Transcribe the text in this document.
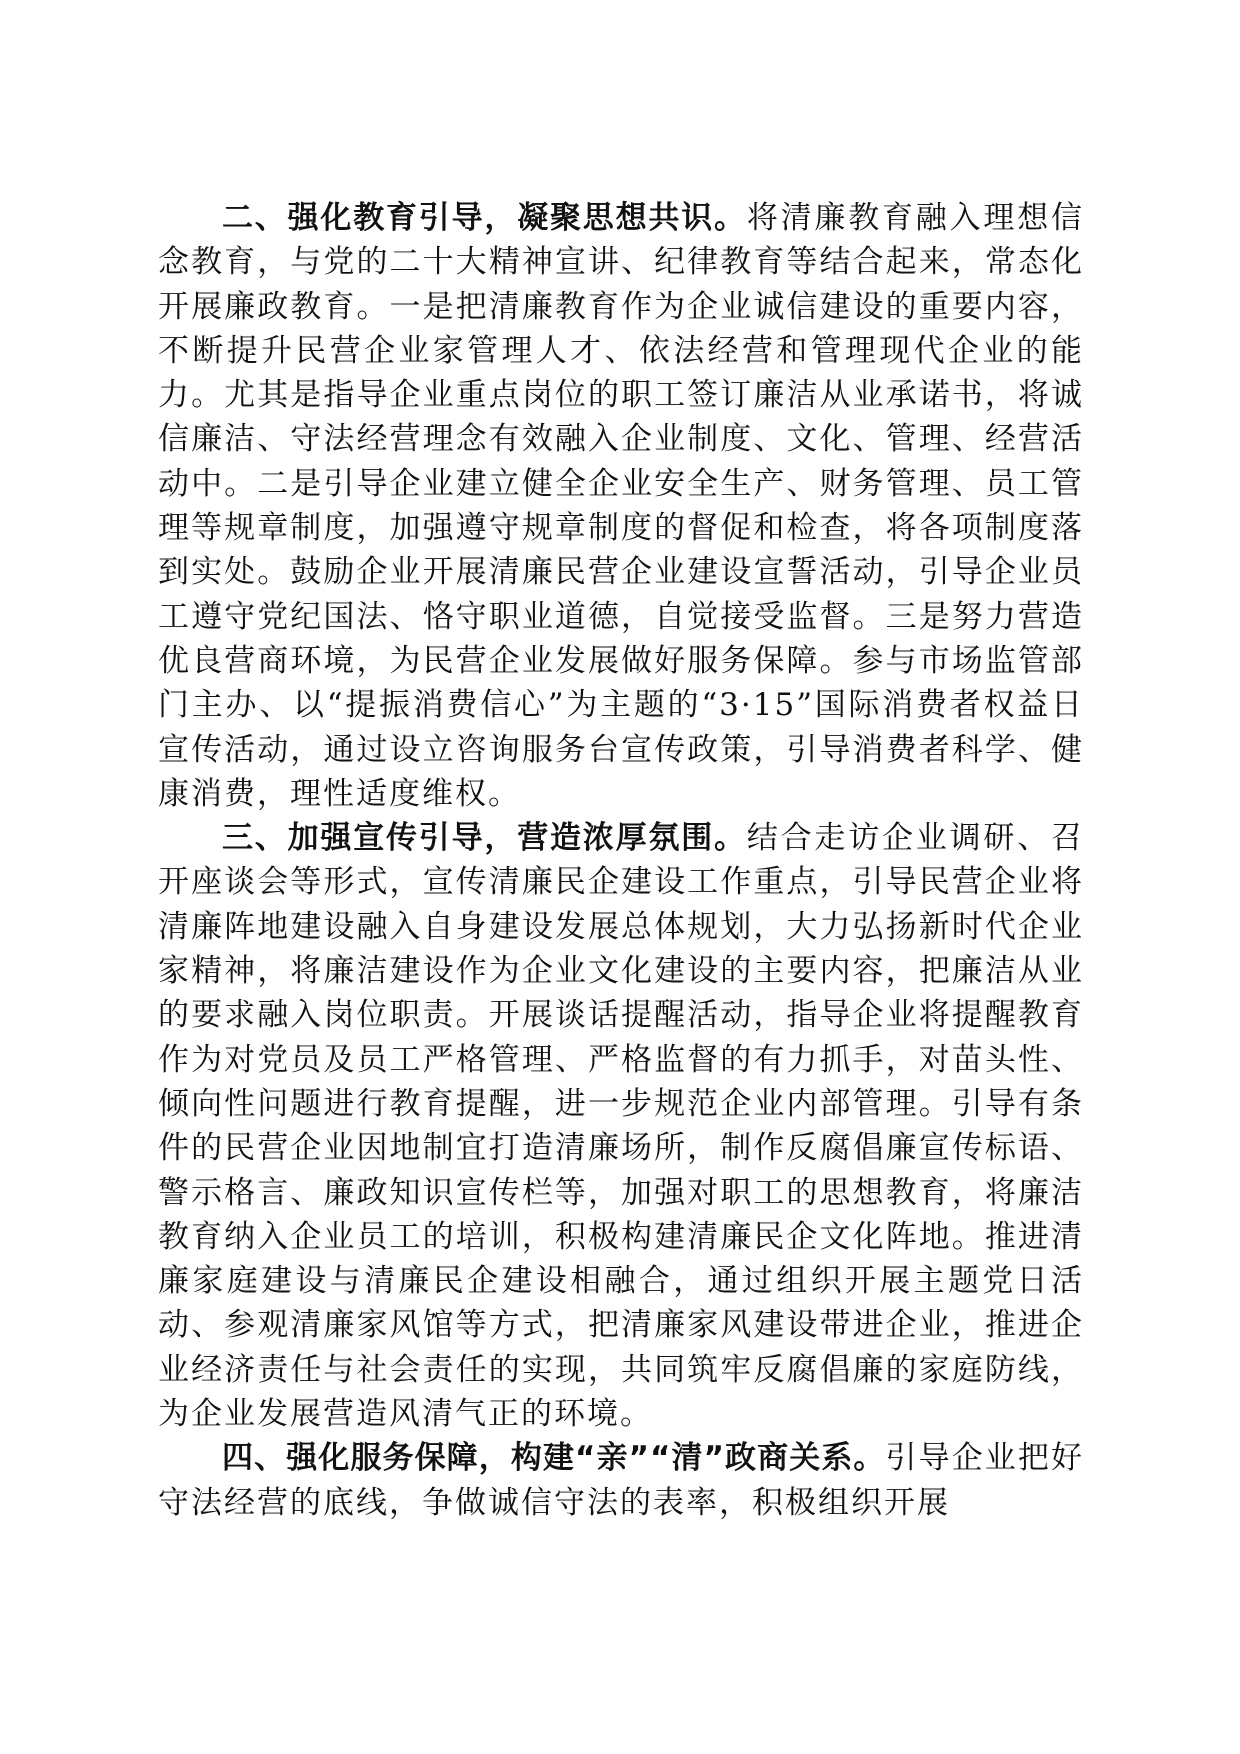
二、强化教育引导，凝聚思想共识。将清廉教育融入理想信念教育，与党的二十大精神宣讲、纪律教育等结合起来，常态化开展廉政教育。一是把清廉教育作为企业诚信建设的重要内容，不断提升民营企业家管理人才、依法经营和管理现代企业的能力。尤其是指导企业重点岗位的职工签订廉洁从业承诺书，将诚信廉洁、守法经营理念有效融入企业制度、文化、管理、经营活动中。二是引导企业建立健全企业安全生产、财务管理、员工管理等规章制度，加强遵守规章制度的督促和检查，将各项制度落到实处。鼓励企业开展清廉民营企业建设宣誓活动，引导企业员工遵守党纪国法、恪守职业道德，自觉接受监督。三是努力营造优良营商环境，为民营企业发展做好服务保障。参与市场监管部门主办、以“提振消费信心”为主题的“3·15”国际消费者权益日宣传活动，通过设立咨询服务台宣传政策，引导消费者科学、健康消费，理性适度维权。

三、加强宣传引导，营造浓厚氛围。结合走访企业调研、召开座谈会等形式，宣传清廉民企建设工作重点，引导民营企业将清廉阵地建设融入自身建设发展总体规划，大力弘扬新时代企业家精神，将廉洁建设作为企业文化建设的主要内容，把廉洁从业的要求融入岗位职责。开展谈话提醒活动，指导企业将提醒教育作为对党员及员工严格管理、严格监督的有力抓手，对苗头性、倾向性问题进行教育提醒，进一步规范企业内部管理。引导有条件的民营企业因地制宜打造清廉场所，制作反腐倡廉宣传标语、警示格言、廉政知识宣传栏等，加强对职工的思想教育，将廉洁教育纳入企业员工的培训，积极构建清廉民企文化阵地。推进清廉家庭建设与清廉民企建设相融合，通过组织开展主题党日活动、参观清廉家风馆等方式，把清廉家风建设带进企业，推进企业经济责任与社会责任的实现，共同筑牢反腐倡廉的家庭防线，为企业发展营造风清气正的环境。

四、强化服务保障，构建“亲”“清”政商关系。引导企业把好守法经营的底线，争做诚信守法的表率，积极组织开展
